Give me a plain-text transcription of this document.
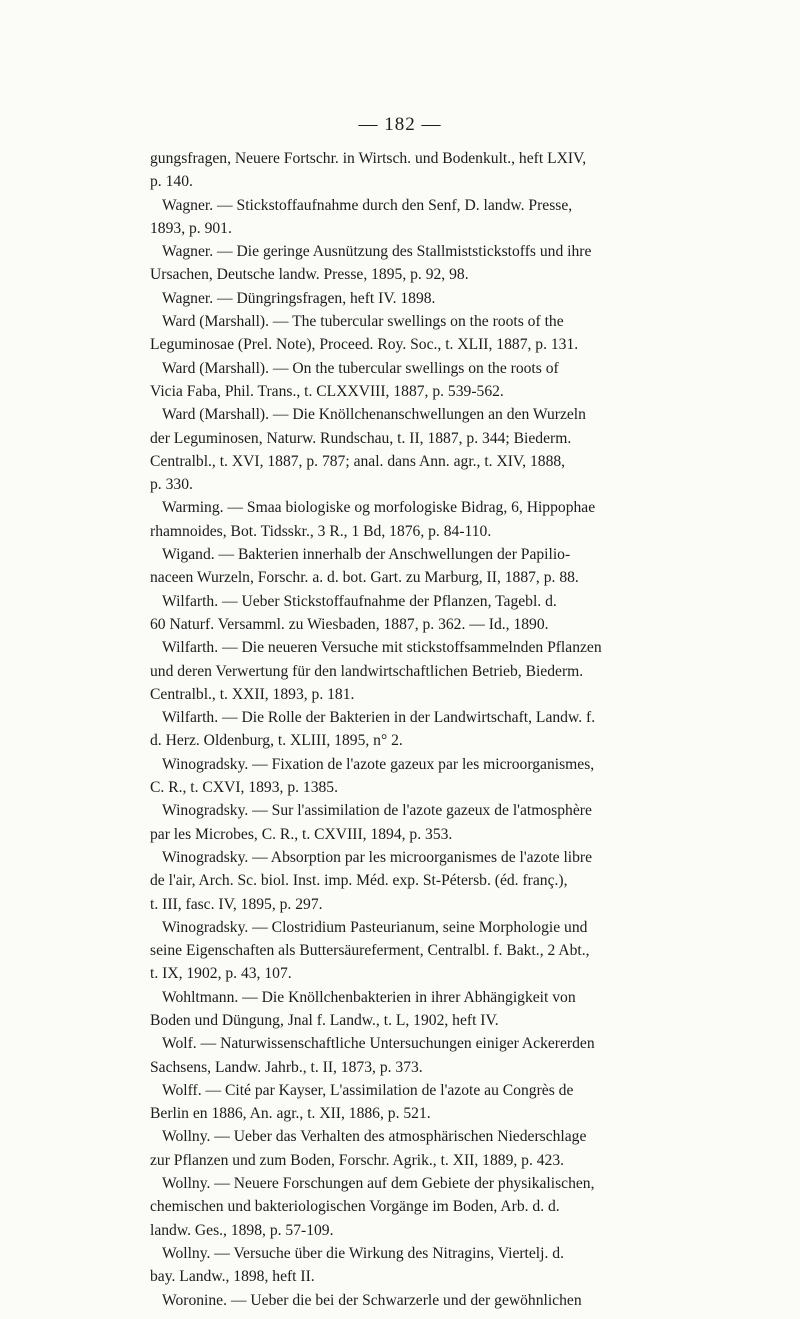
— 182 —
gungsfragen, Neuere Fortschr. in Wirtsch. und Bodenkult., heft LXIV,
p. 140.
Wagner. — Stickstoffaufnahme durch den Senf, D. landw. Presse,
1893, p. 901.
Wagner. — Die geringe Ausnützung des Stallmiststickstoffs und ihre
Ursachen, Deutsche landw. Presse, 1895, p. 92, 98.
Wagner. — Düngringsfragen, heft IV. 1898.
Ward (Marshall). — The tubercular swellings on the roots of the
Leguminosae (Prel. Note), Proceed. Roy. Soc., t. XLII, 1887, p. 131.
Ward (Marshall). — On the tubercular swellings on the roots of
Vicia Faba, Phil. Trans., t. CLXXVIII, 1887, p. 539-562.
Ward (Marshall). — Die Knöllchenanschwellungen an den Wurzeln
der Leguminosen, Naturw. Rundschau, t. II, 1887, p. 344; Biederm.
Centralbl., t. XVI, 1887, p. 787; anal. dans Ann. agr., t. XIV, 1888,
p. 330.
Warming. — Smaa biologiske og morfologiske Bidrag, 6, Hippophae
rhamnoides, Bot. Tidsskr., 3 R., 1 Bd, 1876, p. 84-110.
Wigand. — Bakterien innerhalb der Anschwellungen der Papilio-
naceen Wurzeln, Forschr. a. d. bot. Gart. zu Marburg, II, 1887, p. 88.
Wilfarth. — Ueber Stickstoffaufnahme der Pflanzen, Tagebl. d.
60 Naturf. Versamml. zu Wiesbaden, 1887, p. 362. — Id., 1890.
Wilfarth. — Die neueren Versuche mit stickstoffsammelnden Pflanzen
und deren Verwertung für den landwirtschaftlichen Betrieb, Biederm.
Centralbl., t. XXII, 1893, p. 181.
Wilfarth. — Die Rolle der Bakterien in der Landwirtschaft, Landw. f.
d. Herz. Oldenburg, t. XLIII, 1895, n° 2.
Winogradsky. — Fixation de l'azote gazeux par les microorganismes,
C. R., t. CXVI, 1893, p. 1385.
Winogradsky. — Sur l'assimilation de l'azote gazeux de l'atmosphère
par les Microbes, C. R., t. CXVIII, 1894, p. 353.
Winogradsky. — Absorption par les microorganismes de l'azote libre
de l'air, Arch. Sc. biol. Inst. imp. Méd. exp. St-Pétersb. (éd. franç.),
t. III, fasc. IV, 1895, p. 297.
Winogradsky. — Clostridium Pasteurianum, seine Morphologie und
seine Eigenschaften als Buttersäureferment, Centralbl. f. Bakt., 2 Abt.,
t. IX, 1902, p. 43, 107.
Wohltmann. — Die Knöllchenbakterien in ihrer Abhängigkeit von
Boden und Düngung, Jnal f. Landw., t. L, 1902, heft IV.
Wolf. — Naturwissenschaftliche Untersuchungen einiger Ackererden
Sachsens, Landw. Jahrb., t. II, 1873, p. 373.
Wolff. — Cité par Kayser, L'assimilation de l'azote au Congrès de
Berlin en 1886, An. agr., t. XII, 1886, p. 521.
Wollny. — Ueber das Verhalten des atmosphärischen Niederschlage
zur Pflanzen und zum Boden, Forschr. Agrik., t. XII, 1889, p. 423.
Wollny. — Neuere Forschungen auf dem Gebiete der physikalischen,
chemischen und bakteriologischen Vorgänge im Boden, Arb. d. d.
landw. Ges., 1898, p. 57-109.
Wollny. — Versuche über die Wirkung des Nitragins, Viertelj. d.
bay. Landw., 1898, heft II.
Woronine. — Ueber die bei der Schwarzerle und der gewöhnlichen
